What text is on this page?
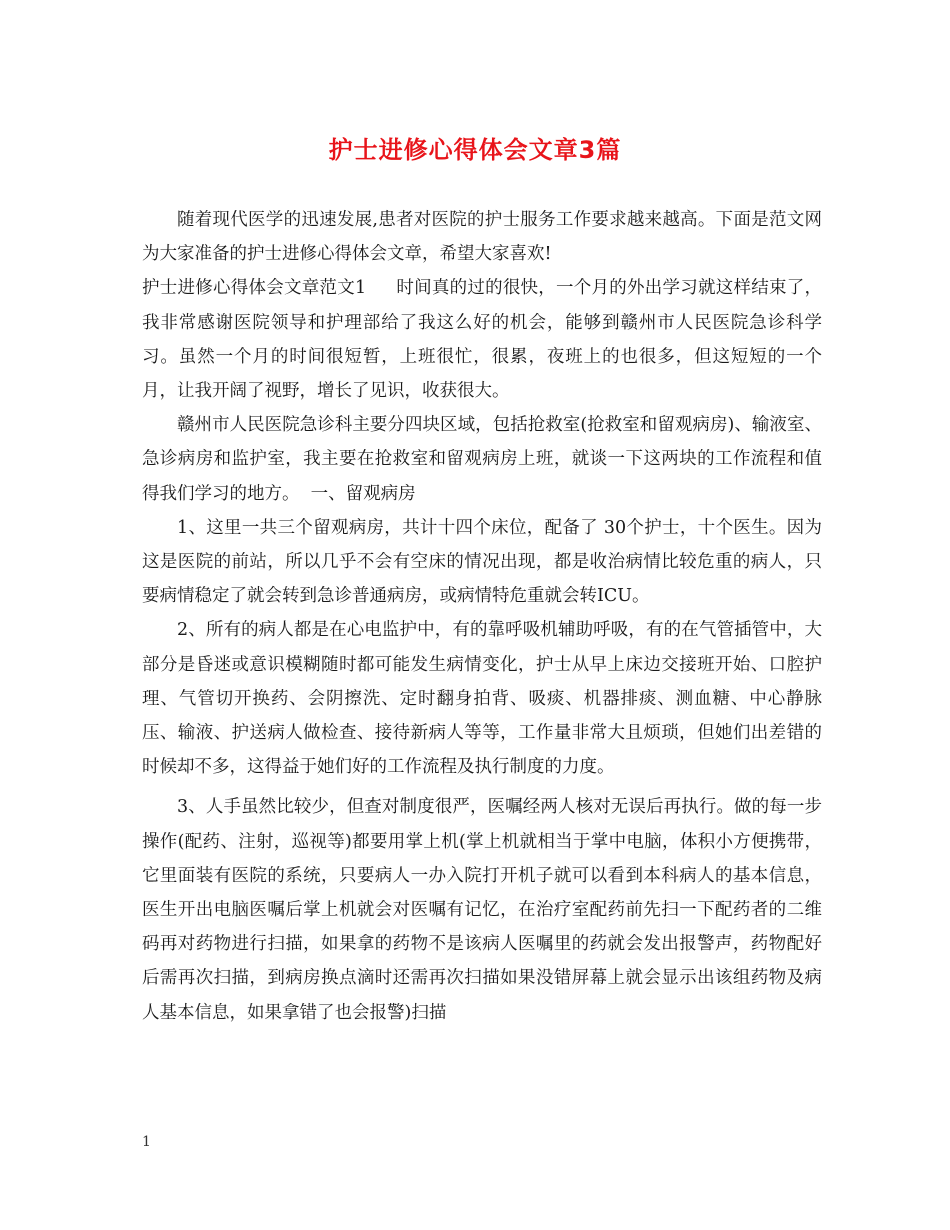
护士进修心得体会文章3篇

随着现代医学的迅速发展,患者对医院的护士服务工作要求越来越高。下面是范文网为大家准备的护士进修心得体会文章，希望大家喜欢!

护士进修心得体会文章范文1 时间真的过的很快，一个月的外出学习就这样结束了，我非常感谢医院领导和护理部给了我这么好的机会，能够到赣州市人民医院急诊科学习。虽然一个月的时间很短暂，上班很忙，很累，夜班上的也很多，但这短短的一个月，让我开阔了视野，增长了见识，收获很大。

赣州市人民医院急诊科主要分四块区域，包括抢救室(抢救室和留观病房)、输液室、急诊病房和监护室，我主要在抢救室和留观病房上班，就谈一下这两块的工作流程和值得我们学习的地方。 一、留观病房

1、这里一共三个留观病房，共计十四个床位，配备了 30个护士，十个医生。因为这是医院的前站，所以几乎不会有空床的情况出现，都是收治病情比较危重的病人，只要病情稳定了就会转到急诊普通病房，或病情特危重就会转ICU。

2、所有的病人都是在心电监护中，有的靠呼吸机辅助呼吸，有的在气管插管中，大部分是昏迷或意识模糊随时都可能发生病情变化，护士从早上床边交接班开始、口腔护理、气管切开换药、会阴擦洗、定时翻身拍背、吸痰、机器排痰、测血糖、中心静脉压、输液、护送病人做检查、接待新病人等等，工作量非常大且烦琐，但她们出差错的时候却不多，这得益于她们好的工作流程及执行制度的力度。

3、人手虽然比较少，但查对制度很严，医嘱经两人核对无误后再执行。做的每一步操作(配药、注射，巡视等)都要用掌上机(掌上机就相当于掌中电脑，体积小方便携带，它里面装有医院的系统，只要病人一办入院打开机子就可以看到本科病人的基本信息，医生开出电脑医嘱后掌上机就会对医嘱有记忆，在治疗室配药前先扫一下配药者的二维码再对药物进行扫描，如果拿的药物不是该病人医嘱里的药就会发出报警声，药物配好后需再次扫描，到病房换点滴时还需再次扫描如果没错屏幕上就会显示出该组药物及病人基本信息，如果拿错了也会报警)扫描

1
